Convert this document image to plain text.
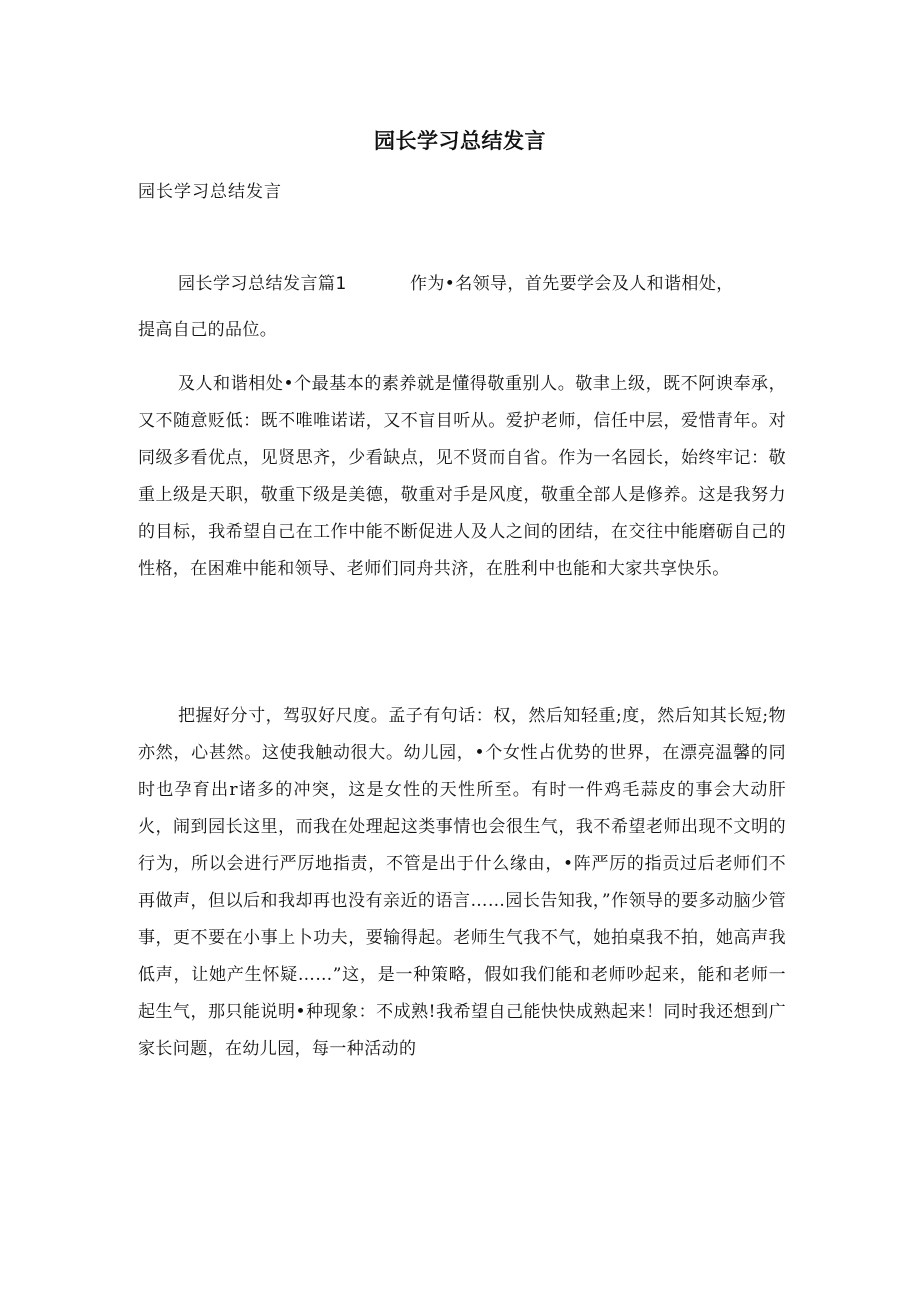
园长学习总结发言
园长学习总结发言
园长学习总结发言篇1	作为•名领导，首先要学会及人和谐相处，
提高自己的品位。

及人和谐相处•个最基本的素养就是懂得敬重别人。敬聿上级，既不阿谀奉承，又不随意贬低：既不唯唯诺诺，又不盲目听从。爱护老师，信任中层，爱惜青年。对同级多看优点，见贤思齐，少看缺点，见不贤而自省。作为一名园长，始终牢记：敬重上级是天职，敬重下级是美德，敬重对手是风度，敬重全部人是修养。这是我努力的目标，我希望自己在工作中能不断促进人及人之间的团结，在交往中能磨砺自己的性格，在困难中能和领导、老师们同舟共济，在胜利中也能和大家共享快乐。

把握好分寸，驾驭好尺度。孟子有句话：权，然后知轻重;度，然后知其长短;物亦然，心甚然。这使我触动很大。幼儿园，•个女性占优势的世界，在漂亮温馨的同时也孕育出r诸多的冲突，这是女性的天性所至。有时一件鸡毛蒜皮的事会大动肝火，闹到园长这里，而我在处理起这类事情也会很生气，我不希望老师出现不文明的行为，所以会进行严厉地指责，不管是出于什么缘由，•阵严厉的指贡过后老师们不再做声，但以后和我却再也没有亲近的语言……园长告知我，”作领导的要多动脑少管事，更不要在小事上卜功夫，要输得起。老师生气我不气，她拍桌我不拍，她高声我低声，让她产生怀疑……”这，是一种策略，假如我们能和老师吵起来，能和老师一起生气，那只能说明•种现象：不成熟!我希望自己能快快成熟起来！同时我还想到广家长问题，在幼儿园，每一种活动的
